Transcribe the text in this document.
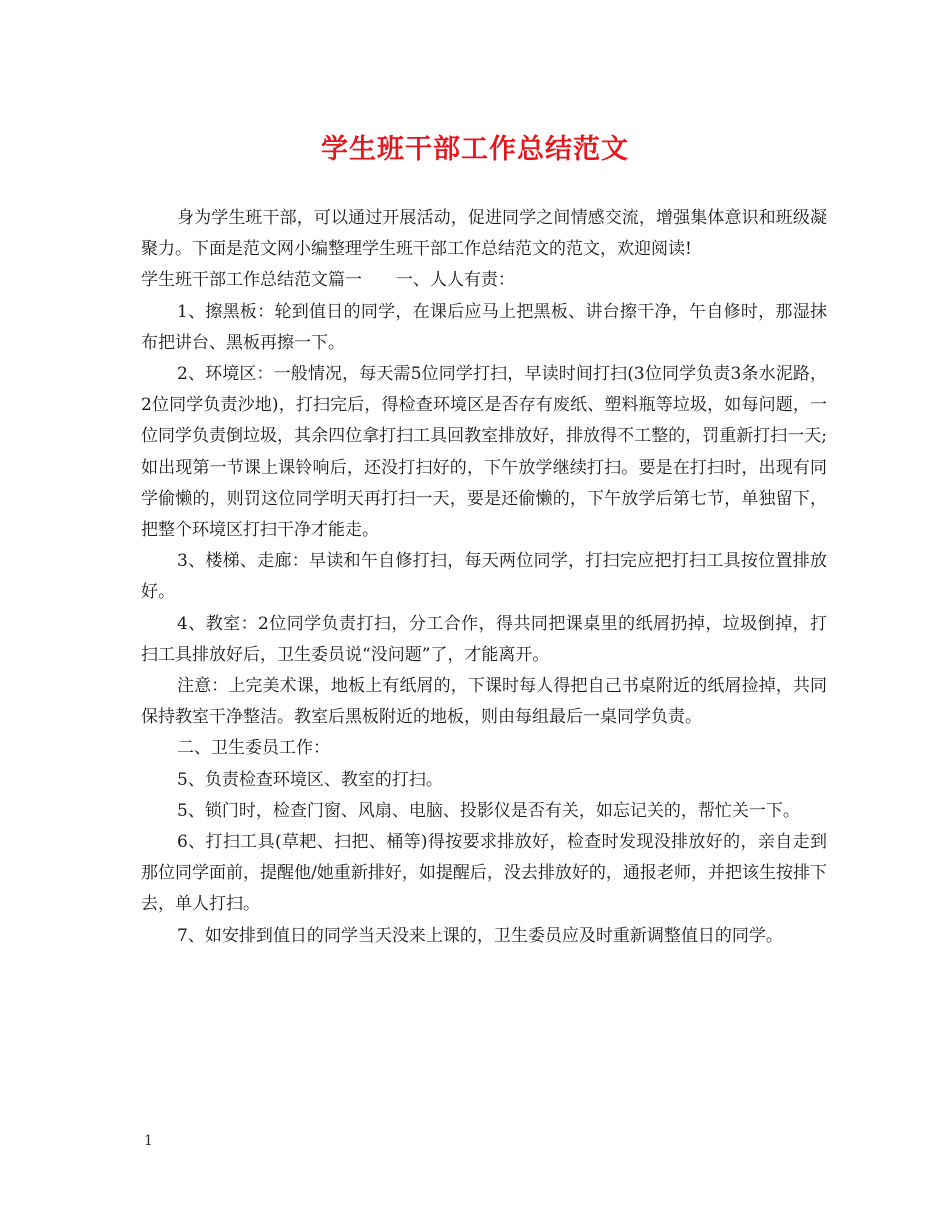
学生班干部工作总结范文

身为学生班干部，可以通过开展活动，促进同学之间情感交流，增强集体意识和班级凝聚力。下面是范文网小编整理学生班干部工作总结范文的范文，欢迎阅读!

学生班干部工作总结范文篇一　　一、人人有责：

1、擦黑板：轮到值日的同学，在课后应马上把黑板、讲台擦干净，午自修时，那湿抹布把讲台、黑板再擦一下。

2、环境区：一般情况，每天需5位同学打扫，早读时间打扫(3位同学负责3条水泥路，2位同学负责沙地)，打扫完后，得检查环境区是否存有废纸、塑料瓶等垃圾，如每问题，一位同学负责倒垃圾，其余四位拿打扫工具回教室排放好，排放得不工整的，罚重新打扫一天;如出现第一节课上课铃响后，还没打扫好的，下午放学继续打扫。要是在打扫时，出现有同学偷懒的，则罚这位同学明天再打扫一天，要是还偷懒的，下午放学后第七节，单独留下，把整个环境区打扫干净才能走。

3、楼梯、走廊：早读和午自修打扫，每天两位同学，打扫完应把打扫工具按位置排放好。

4、教室：2位同学负责打扫，分工合作，得共同把课桌里的纸屑扔掉，垃圾倒掉，打扫工具排放好后，卫生委员说“没问题”了，才能离开。

注意：上完美术课，地板上有纸屑的，下课时每人得把自己书桌附近的纸屑捡掉，共同保持教室干净整洁。教室后黑板附近的地板，则由每组最后一桌同学负责。

二、卫生委员工作：

5、负责检查环境区、教室的打扫。

5、锁门时，检查门窗、风扇、电脑、投影仪是否有关，如忘记关的，帮忙关一下。

6、打扫工具(草耙、扫把、桶等)得按要求排放好，检查时发现没排放好的，亲自走到那位同学面前，提醒他/她重新排好，如提醒后，没去排放好的，通报老师，并把该生按排下去，单人打扫。

7、如安排到值日的同学当天没来上课的，卫生委员应及时重新调整值日的同学。

1
